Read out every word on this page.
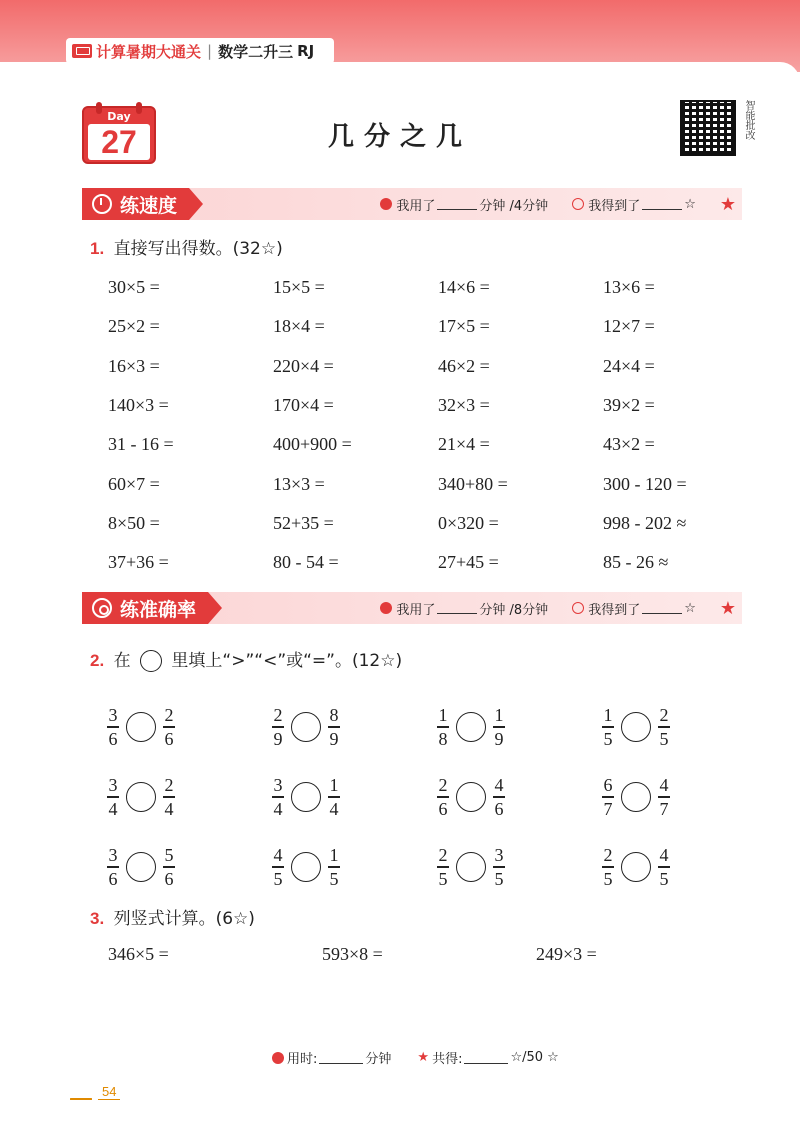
计算暑期大通关 | 数学二升三 RJ
Day
27	几分之几	智能批改
练速度	我用了	分钟 /4分钟	我得到了	☆ ★
1. 直接写出得数。(32☆)
30×5 =	15×5 =	14×6 =	13×6 =
25×2 =	18×4 =	17×5 =	12×7 =
16×3 =	220×4 =	46×2 =	24×4 =
140×3 =	170×4 =	32×3 =	39×2 =
31 - 16 =	400+900 =	21×4 =	43×2 =
60×7 =	13×3 =	340+80 =	300 - 120 =
8×50 =	52+35 =	0×320 =	998 - 202 ≈
37+36 =	80 - 54 =	27+45 =	85 - 26 ≈
练准确率	我用了	分钟 /8分钟	我得到了	☆ ★
2. 在 里填上“>”“<”或“=”。(12☆)
$\frac{3}{6} \frac{2}{6}$	$\frac{2}{9} \frac{8}{9}$	$\frac{1}{8} \frac{1}{9}$	$\frac{1}{5} \frac{2}{5}$
$\frac{3}{4} \frac{2}{4}$	$\frac{3}{4} \frac{1}{4}$	$\frac{2}{6} \frac{4}{6}$	$\frac{6}{7} \frac{4}{7}$
$\frac{3}{6} \frac{5}{6}$	$\frac{4}{5} \frac{1}{5}$	$\frac{2}{5} \frac{3}{5}$	$\frac{2}{5} \frac{4}{5}$
3. 列竖式计算。(6☆)
346×5 =	593×8 =	249×3 =
用时:	分钟 ★ 共得:	☆/50 ☆
54
